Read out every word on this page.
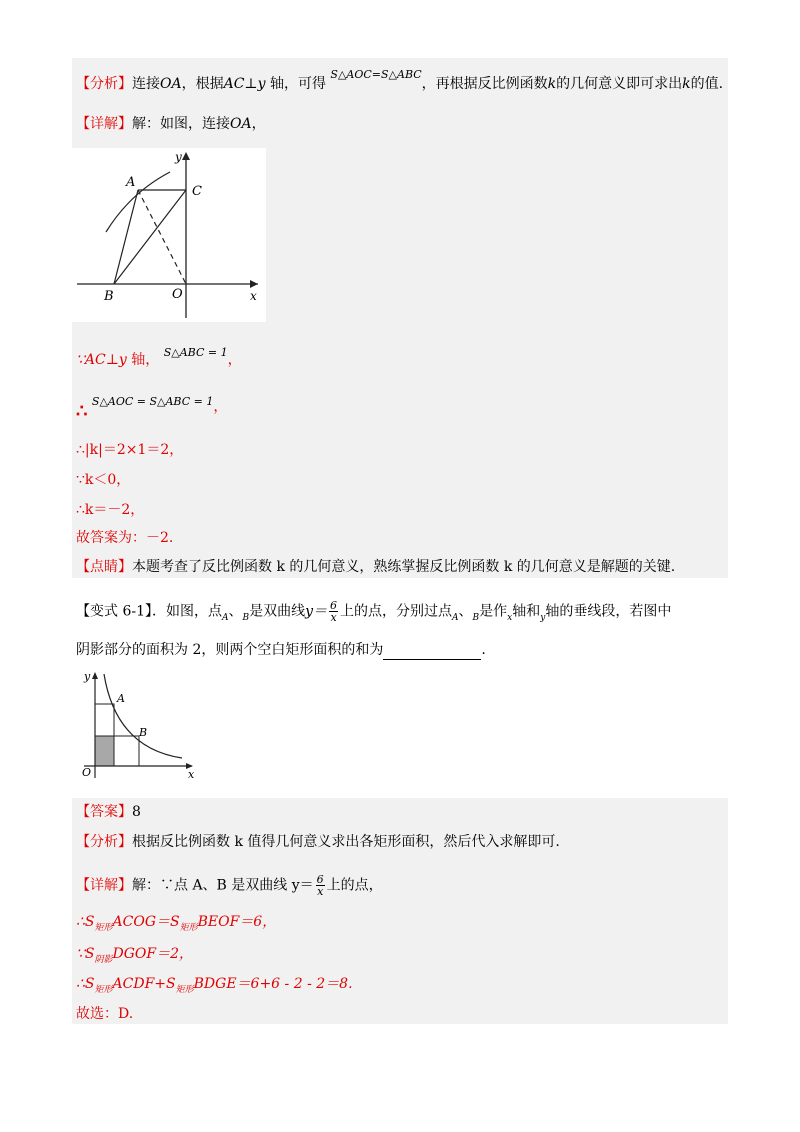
【分析】连接OA，根据AC⊥y 轴，可得 $^{S\triangle AOC=S\triangle ABC}$，再根据反比例函数k的几何意义即可求出k的值.
【详解】解：如图，连接OA，
A
C
B	O	x
y
∵AC⊥y 轴， $^{S\triangle ABC = 1}$，
∴ $^{S\triangle AOC = S\triangle ABC = 1}$，
∴|k|＝2×1＝2，
∵k＜0，
∴k＝－2，
故答案为：－2.
【点睛】本题考查了反比例函数 k 的几何意义，熟练掌握反比例函数 k 的几何意义是解题的关键.
【变式 6-1】．如图，点$_A$、$_B$是双曲线$y= \frac{6}{x}$ 上的点，分别过点$_A$、$_B$是作$_x$轴和$_y$轴的垂线段，若图中
阴影部分的面积为 2，则两个空白矩形面积的和为	.
A
B
O	x
y
【答案】8
【分析】根据反比例函数 k 值得几何意义求出各矩形面积，然后代入求解即可.
【详解】解：∵点 A、B 是双曲线 $y= \frac{6}{x}$ 上的点，
$\therefore S_{矩形}ACOG=S_{矩形}BEOF=6$，
$\because S_{阴影}DGOF=2$，
$\therefore S_{矩形}ACDF+S_{矩形}BDGE=6+6 - 2 - 2=8$.
故选：D.
